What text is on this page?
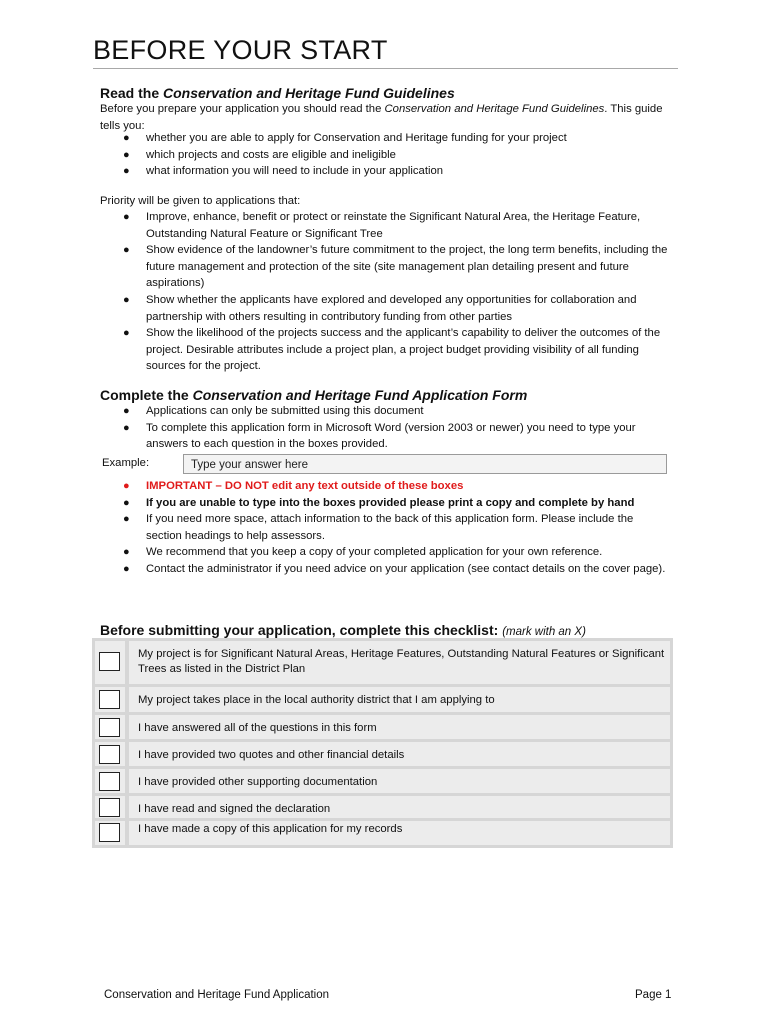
BEFORE YOUR START
Read the Conservation and Heritage Fund Guidelines
Before you prepare your application you should read the Conservation and Heritage Fund Guidelines. This guide tells you:
● whether you are able to apply for Conservation and Heritage funding for your project
● which projects and costs are eligible and ineligible
● what information you will need to include in your application
Priority will be given to applications that:
● Improve, enhance, benefit or protect or reinstate the Significant Natural Area, the Heritage Feature, Outstanding Natural Feature or Significant Tree
● Show evidence of the landowner’s future commitment to the project, the long term benefits, including the future management and protection of the site (site management plan detailing present and future aspirations)
● Show whether the applicants have explored and developed any opportunities for collaboration and partnership with others resulting in contributory funding from other parties
● Show the likelihood of the projects success and the applicant’s capability to deliver the outcomes of the project. Desirable attributes include a project plan, a project budget providing visibility of all funding sources for the project.
Complete the Conservation and Heritage Fund Application Form
● Applications can only be submitted using this document
● To complete this application form in Microsoft Word (version 2003 or newer) you need to type your answers to each question in the boxes provided.
Example:	Type your answer here
● IMPORTANT – DO NOT edit any text outside of these boxes
● If you are unable to type into the boxes provided please print a copy and complete by hand
● If you need more space, attach information to the back of this application form. Please include the section headings to help assessors.
● We recommend that you keep a copy of your completed application for your own reference.
● Contact the administrator if you need advice on your application (see contact details on the cover page).
Before submitting your application, complete this checklist: (mark with an X)
My project is for Significant Natural Areas, Heritage Features, Outstanding Natural Features or Significant Trees as listed in the District Plan
My project takes place in the local authority district that I am applying to
I have answered all of the questions in this form
I have provided two quotes and other financial details
I have provided other supporting documentation
I have read and signed the declaration
I have made a copy of this application for my records
Conservation and Heritage Fund Application	Page 1
